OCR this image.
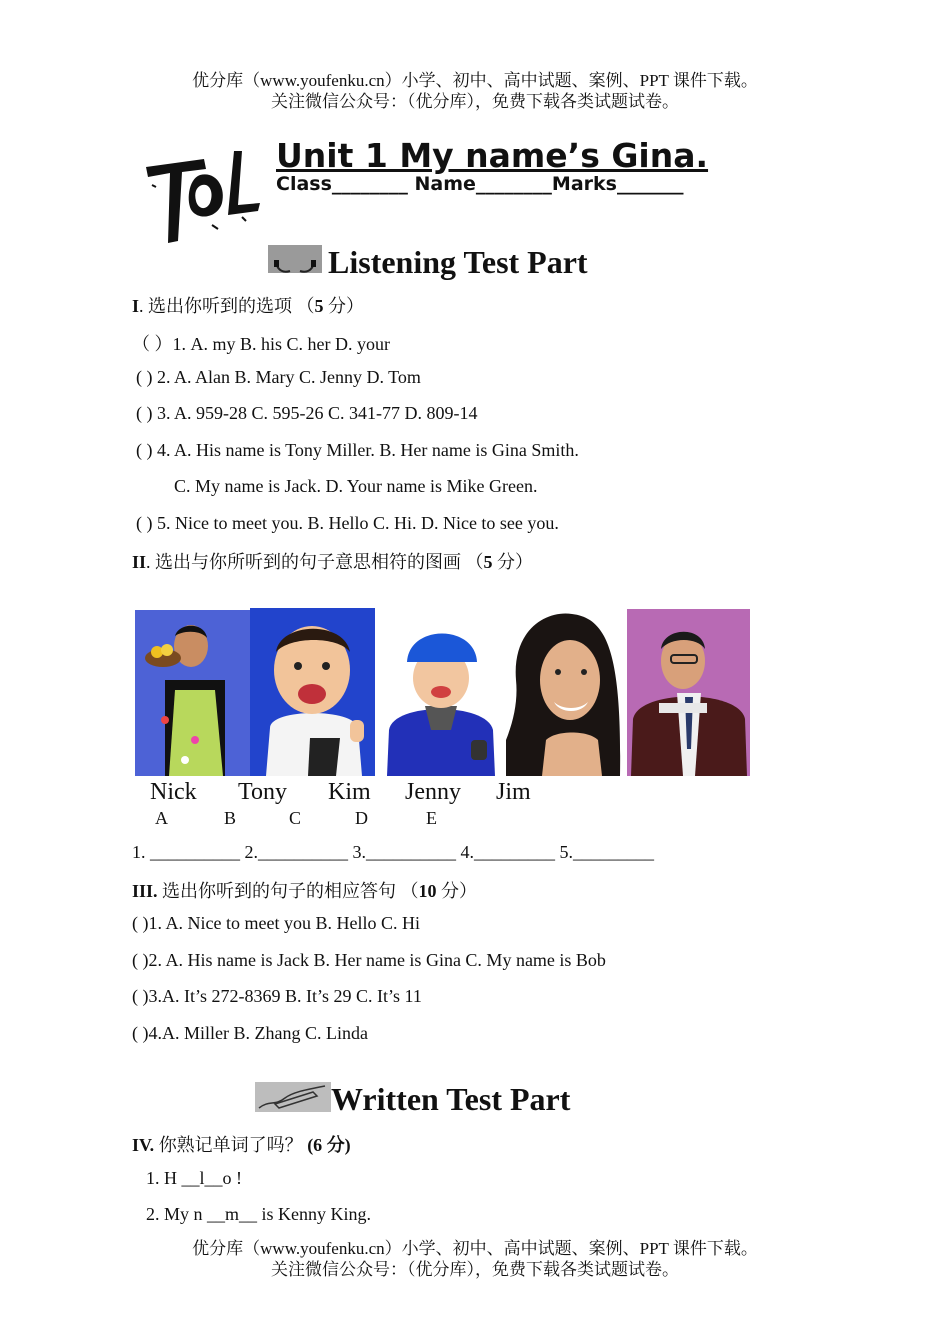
优分库（www.youfenku.cn）小学、初中、高中试题、案例、PPT 课件下载。
关注微信公众号：（优分库），免费下载各类试题试卷。
Unit 1 My name’s Gina.
Class________ Name________Marks_______
Listening Test Part
I. 选出你听到的选项 （5 分）
（ ）1. A. my B. his C. her D. your
( ) 2. A. Alan B. Mary C. Jenny D. Tom
( ) 3. A. 959-28 C. 595-26 C. 341-77 D. 809-14
( ) 4. A. His name is Tony Miller. B. Her name is Gina Smith.
C. My name is Jack. D. Your name is Mike Green.
( ) 5. Nice to meet you. B. Hello C. Hi. D. Nice to see you.
II. 选出与你所听到的句子意思相符的图画 （5 分）
Nick Tony Kim Jenny Jim
A	B	C	D	E
1. __________ 2.__________ 3.__________ 4._________ 5._________
III. 选出你听到的句子的相应答句 （10 分）
( )1. A. Nice to meet you B. Hello C. Hi
( )2. A. His name is Jack B. Her name is Gina C. My name is Bob
( )3.A. It’s 272-8369 B. It’s 29 C. It’s 11
( )4.A. Miller B. Zhang C. Linda
Written Test Part
IV. 你熟记单词了吗？ (6 分)
1. H __l__o !
2. My n __m__ is Kenny King.
优分库（www.youfenku.cn）小学、初中、高中试题、案例、PPT 课件下载。
关注微信公众号：（优分库），免费下载各类试题试卷。
